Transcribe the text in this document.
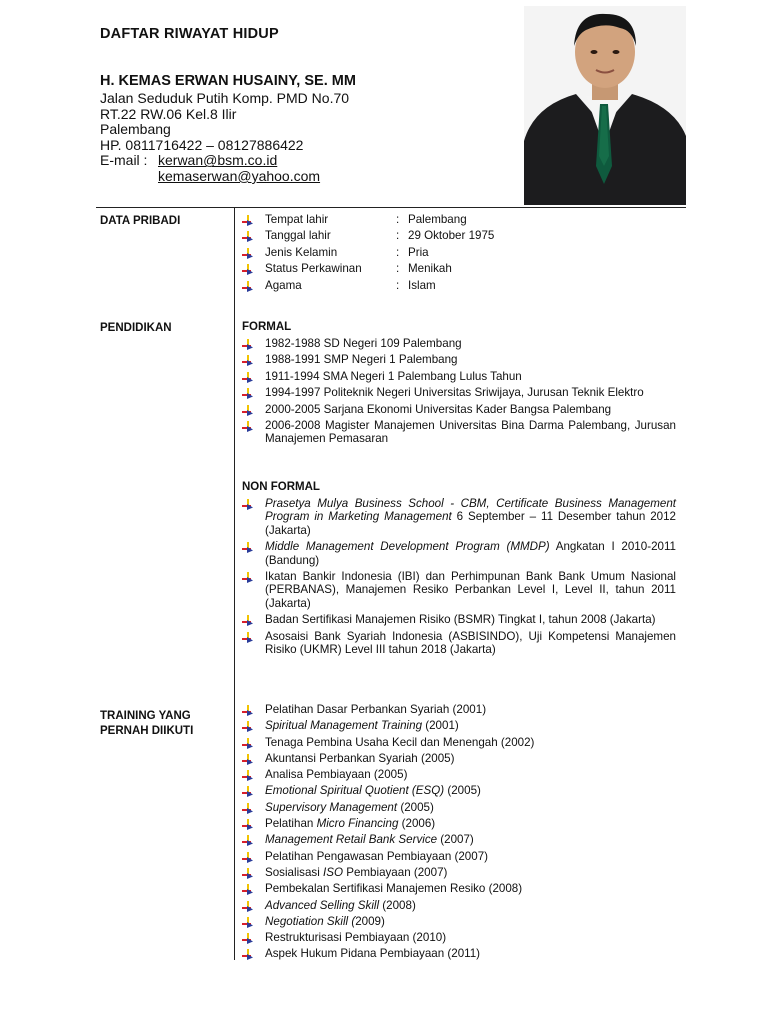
DAFTAR RIWAYAT HIDUP
H. KEMAS ERWAN HUSAINY, SE. MM
Jalan Seduduk Putih Komp. PMD No.70
RT.22 RW.06 Kel.8 Ilir
Palembang
HP. 0811716422 – 08127886422
E-mail : kerwan@bsm.co.id
kemaserwan@yahoo.com
DATA PRIBADI	Tempat lahir	: Palembang
Tanggal lahir	: 29 Oktober 1975
Jenis Kelamin	: Pria
Status Perkawinan	: Menikah
Agama	: Islam
PENDIDIKAN	FORMAL
1982-1988 SD Negeri 109 Palembang
1988-1991 SMP Negeri 1 Palembang
1911-1994 SMA Negeri 1 Palembang Lulus Tahun
1994-1997 Politeknik Negeri Universitas Sriwijaya, Jurusan Teknik Elektro
2000-2005 Sarjana Ekonomi Universitas Kader Bangsa Palembang
2006-2008 Magister Manajemen Universitas Bina Darma Palembang, Jurusan Manajemen Pemasaran
NON FORMAL
Prasetya Mulya Business School - CBM, Certificate Business Management Program in Marketing Management 6 September – 11 Desember tahun 2012 (Jakarta)
Middle Management Development Program (MMDP) Angkatan I 2010-2011 (Bandung)
Ikatan Bankir Indonesia (IBI) dan Perhimpunan Bank Bank Umum Nasional (PERBANAS), Manajemen Resiko Perbankan Level I, Level II, tahun 2011 (Jakarta)
Badan Sertifikasi Manajemen Risiko (BSMR) Tingkat I, tahun 2008 (Jakarta)
Asosaisi Bank Syariah Indonesia (ASBISINDO), Uji Kompetensi Manajemen Risiko (UKMR) Level III tahun 2018 (Jakarta)
TRAINING YANG
PERNAH DIIKUTI
Pelatihan Dasar Perbankan Syariah (2001)
Spiritual Management Training (2001)
Tenaga Pembina Usaha Kecil dan Menengah (2002)
Akuntansi Perbankan Syariah (2005)
Analisa Pembiayaan (2005)
Emotional Spiritual Quotient (ESQ) (2005)
Supervisory Management (2005)
Pelatihan Micro Financing (2006)
Management Retail Bank Service (2007)
Pelatihan Pengawasan Pembiayaan (2007)
Sosialisasi ISO Pembiayaan (2007)
Pembekalan Sertifikasi Manajemen Resiko (2008)
Advanced Selling Skill (2008)
Negotiation Skill (2009)
Restrukturisasi Pembiayaan (2010)
Aspek Hukum Pidana Pembiayaan (2011)
